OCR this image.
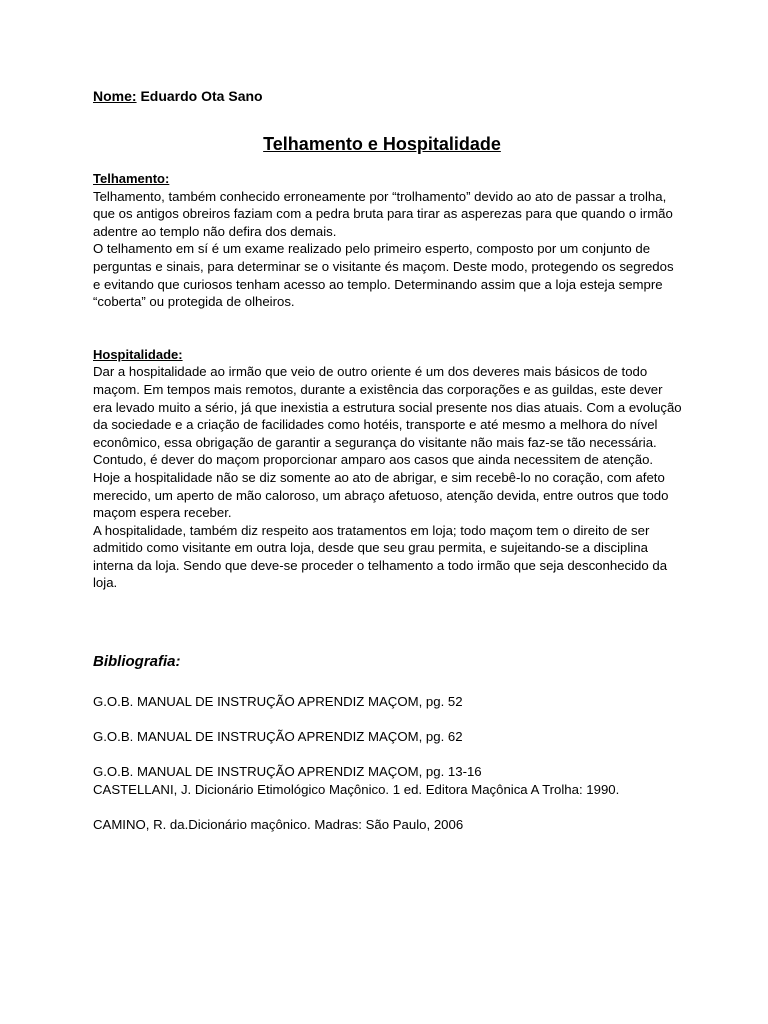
Nome: Eduardo Ota Sano

Telhamento e Hospitalidade
Telhamento:

Telhamento, também conhecido erroneamente por “trolhamento” devido ao ato de passar a trolha, que os antigos obreiros faziam com a pedra bruta para tirar as asperezas para que quando o irmão adentre ao templo não defira dos demais.

O telhamento em sí é um exame realizado pelo primeiro esperto, composto por um conjunto de perguntas e sinais, para determinar se o visitante és maçom. Deste modo, protegendo os segredos e evitando que curiosos tenham acesso ao templo. Determinando assim que a loja esteja sempre “coberta” ou protegida de olheiros.

Hospitalidade:

Dar a hospitalidade ao irmão que veio de outro oriente é um dos deveres mais básicos de todo maçom. Em tempos mais remotos, durante a existência das corporações e as guildas, este dever era levado muito a sério, já que inexistia a estrutura social presente nos dias atuais. Com a evolução da sociedade e a criação de facilidades como hotéis, transporte e até mesmo a melhora do nível econômico, essa obrigação de garantir a segurança do visitante não mais faz-se tão necessária. Contudo, é dever do maçom proporcionar amparo aos casos que ainda necessitem de atenção.

Hoje a hospitalidade não se diz somente ao ato de abrigar, e sim recebê-lo no coração, com afeto merecido, um aperto de mão caloroso, um abraço afetuoso, atenção devida, entre outros que todo maçom espera receber.

A hospitalidade, também diz respeito aos tratamentos em loja; todo maçom tem o direito de ser admitido como visitante em outra loja, desde que seu grau permita, e sujeitando-se a disciplina interna da loja. Sendo que deve-se proceder o telhamento a todo irmão que seja desconhecido da loja.

Bibliografia:
G.O.B. MANUAL DE INSTRUÇÃO APRENDIZ MAÇOM, pg. 52
G.O.B. MANUAL DE INSTRUÇÃO APRENDIZ MAÇOM, pg. 62
G.O.B. MANUAL DE INSTRUÇÃO APRENDIZ MAÇOM, pg. 13-16
CASTELLANI, J. Dicionário Etimológico Maçônico. 1 ed. Editora Maçônica A Trolha: 1990.
CAMINO, R. da.Dicionário maçônico. Madras: São Paulo, 2006
